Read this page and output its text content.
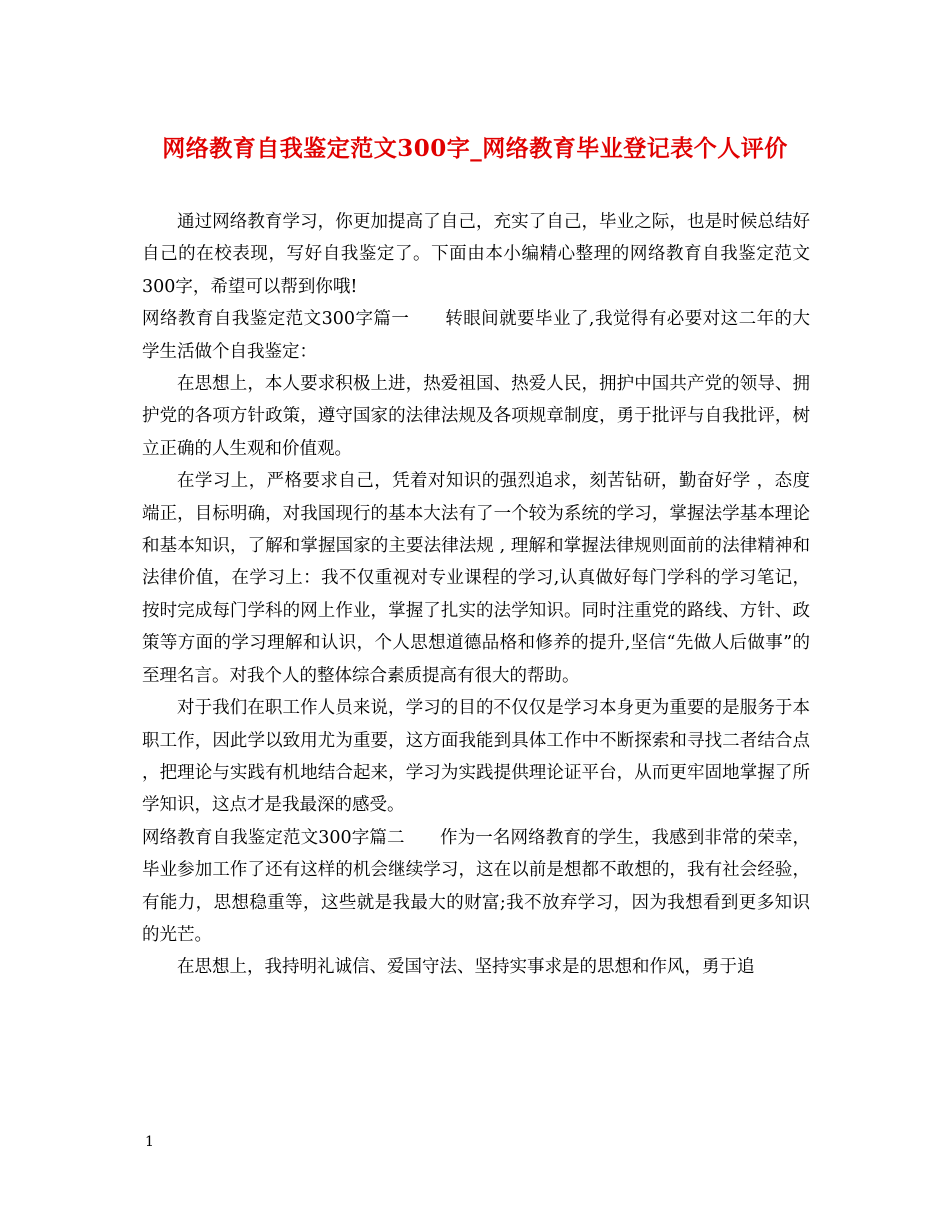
网络教育自我鉴定范文300字_网络教育毕业登记表个人评价

通过网络教育学习，你更加提高了自己，充实了自己，毕业之际，也是时候总结好自己的在校表现，写好自我鉴定了。下面由本小编精心整理的网络教育自我鉴定范文300字，希望可以帮到你哦!

网络教育自我鉴定范文300字篇一　　转眼间就要毕业了,我觉得有必要对这二年的大学生活做个自我鉴定：

在思想上，本人要求积极上进，热爱祖国、热爱人民，拥护中国共产党的领导、拥护党的各项方针政策，遵守国家的法律法规及各项规章制度，勇于批评与自我批评，树立正确的人生观和价值观。

在学习上，严格要求自己，凭着对知识的强烈追求，刻苦钻研，勤奋好学 ，态度端正，目标明确，对我国现行的基本大法有了一个较为系统的学习，掌握法学基本理论和基本知识，了解和掌握国家的主要法律法规 , 理解和掌握法律规则面前的法律精神和法律价值，在学习上：我不仅重视对专业课程的学习,认真做好每门学科的学习笔记，按时完成每门学科的网上作业，掌握了扎实的法学知识。同时注重党的路线、方针、政策等方面的学习理解和认识，个人思想道德品格和修养的提升,坚信“先做人后做事”的至理名言。对我个人的整体综合素质提高有很大的帮助。

对于我们在职工作人员来说，学习的目的不仅仅是学习本身更为重要的是服务于本职工作，因此学以致用尤为重要，这方面我能到具体工作中不断探索和寻找二者结合点 ，把理论与实践有机地结合起来，学习为实践提供理论证平台，从而更牢固地掌握了所学知识，这点才是我最深的感受。

网络教育自我鉴定范文300字篇二　　作为一名网络教育的学生，我感到非常的荣幸，毕业参加工作了还有这样的机会继续学习，这在以前是想都不敢想的，我有社会经验，有能力，思想稳重等，这些就是我最大的财富;我不放弃学习，因为我想看到更多知识的光芒。

在思想上，我持明礼诚信、爱国守法、坚持实事求是的思想和作风，勇于追

1
